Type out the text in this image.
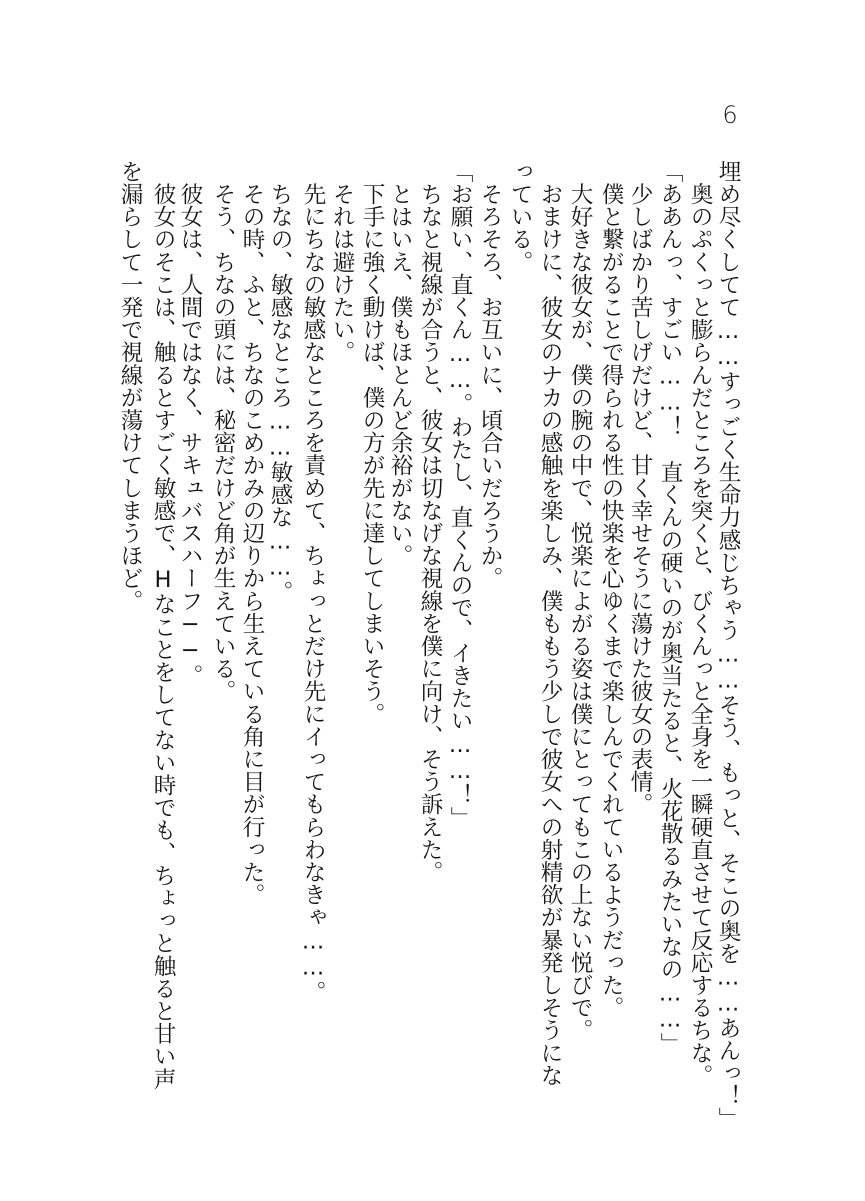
6
埋め尽くしてて……すっごく生命力感じちゃう……そう、もっと、そこの奥を……あんっ！」
　奥のぷくっと膨らんだところを突くと、びくんっと全身を一瞬硬直させて反応するちな。
「ああんっ、すごい……！　直くんの硬いのが奥当たると、火花散るみたいなの……」
　少しばかり苦しげだけど、甘く幸せそうに蕩けた彼女の表情。
　僕と繋がることで得られる性の快楽を心ゆくまで楽しんでくれているようだった。
　大好きな彼女が、僕の腕の中で、悦楽によがる姿は僕にとってもこの上ない悦びで。
　おまけに、彼女のナカの感触を楽しみ、僕ももう少しで彼女への射精欲が暴発しそうにな
っている。
　そろそろ、お互いに、頃合いだろうか。
「お願い、直くん……。わたし、直くんので、イきたい……！」
　ちなと視線が合うと、彼女は切なげな視線を僕に向け、そう訴えた。
　とはいえ、僕もほとんど余裕がない。
　下手に強く動けば、僕の方が先に達してしまいそう。
　それは避けたい。
　先にちなの敏感なところを責めて、ちょっとだけ先にイってもらわなきゃ……。
　ちなの、敏感なところ……敏感な……。
　その時、ふと、ちなのこめかみの辺りから生えている角に目が行った。
　そう、ちなの頭には、秘密だけど角が生えている。
　彼女は、人間ではなく、サキュバスハーフ──。
　彼女のそこは、触るとすごく敏感で、Hなことをしてない時でも、ちょっと触ると甘い声
を漏らして一発で視線が蕩けてしまうほど。
